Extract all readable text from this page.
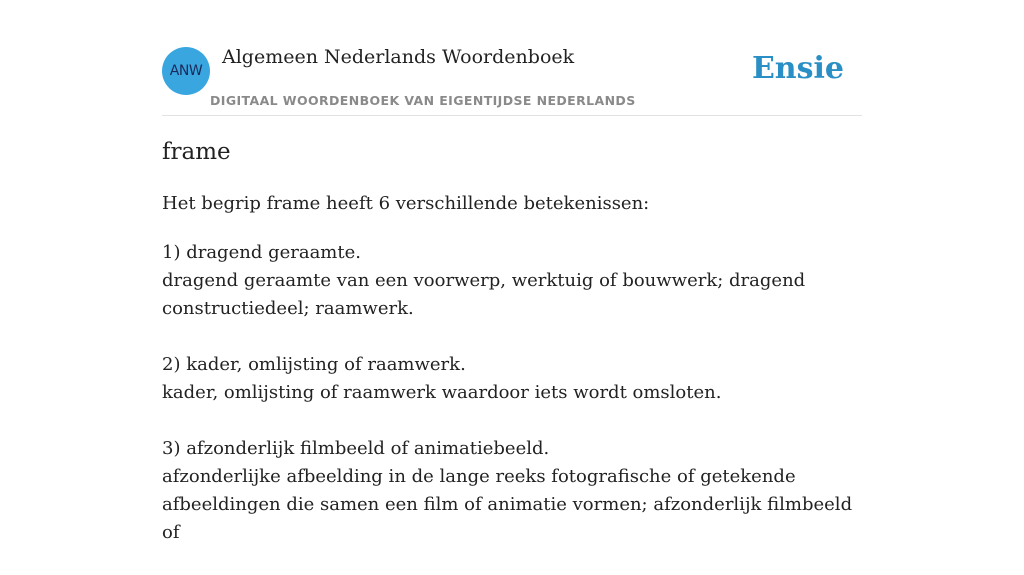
ANW
Algemeen Nederlands Woordenboek
DIGITAAL WOORDENBOEK VAN EIGENTIJDSE NEDERLANDS
Ensie
frame

Het begrip frame heeft 6 verschillende betekenissen:

1) dragend geraamte.
dragend geraamte van een voorwerp, werktuig of bouwwerk; dragend constructiedeel; raamwerk.
2) kader, omlijsting of raamwerk.
kader, omlijsting of raamwerk waardoor iets wordt omsloten.
3) afzonderlijk filmbeeld of animatiebeeld.
afzonderlijke afbeelding in de lange reeks fotografische of getekende afbeeldingen die samen een film of animatie vormen; afzonderlijk filmbeeld of
